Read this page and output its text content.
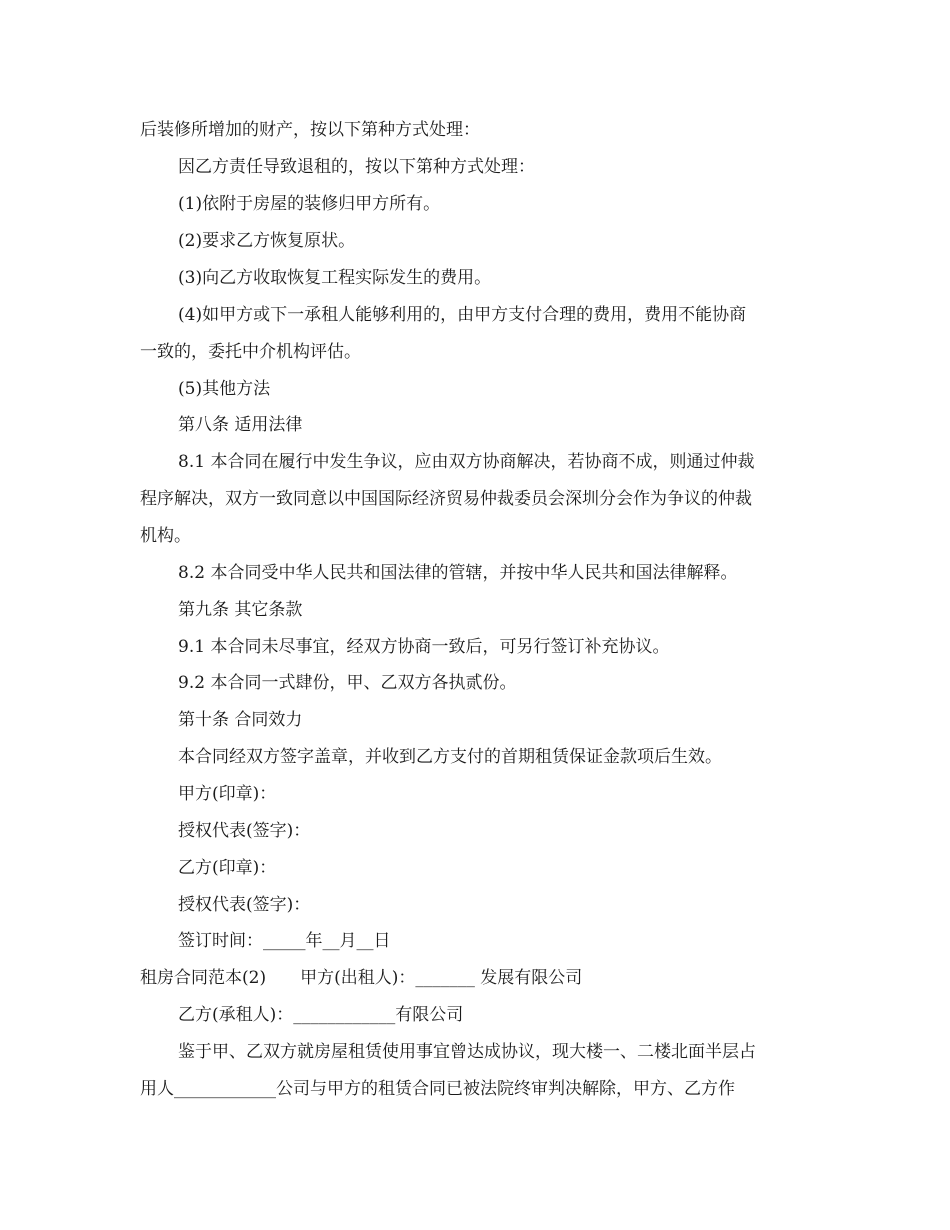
后装修所增加的财产，按以下第种方式处理：
因乙方责任导致退租的，按以下第种方式处理：
(1)依附于房屋的装修归甲方所有。
(2)要求乙方恢复原状。
(3)向乙方收取恢复工程实际发生的费用。
(4)如甲方或下一承租人能够利用的，由甲方支付合理的费用，费用不能协商
一致的，委托中介机构评估。
(5)其他方法
第八条 适用法律
8.1 本合同在履行中发生争议，应由双方协商解决，若协商不成，则通过仲裁
程序解决，双方一致同意以中国国际经济贸易仲裁委员会深圳分会作为争议的仲裁
机构。
8.2 本合同受中华人民共和国法律的管辖，并按中华人民共和国法律解释。
第九条 其它条款
9.1 本合同未尽事宜，经双方协商一致后，可另行签订补充协议。
9.2 本合同一式肆份，甲、乙双方各执贰份。
第十条 合同效力
本合同经双方签字盖章，并收到乙方支付的首期租赁保证金款项后生效。
甲方(印章)：
授权代表(签字)：
乙方(印章)：
授权代表(签字)：
签订时间：_____年__月__日
租房合同范本(2)　　甲方(出租人)：_______ 发展有限公司
乙方(承租人)：____________有限公司
鉴于甲、乙双方就房屋租赁使用事宜曾达成协议，现大楼一、二楼北面半层占
用人____________公司与甲方的租赁合同已被法院终审判决解除，甲方、乙方作
